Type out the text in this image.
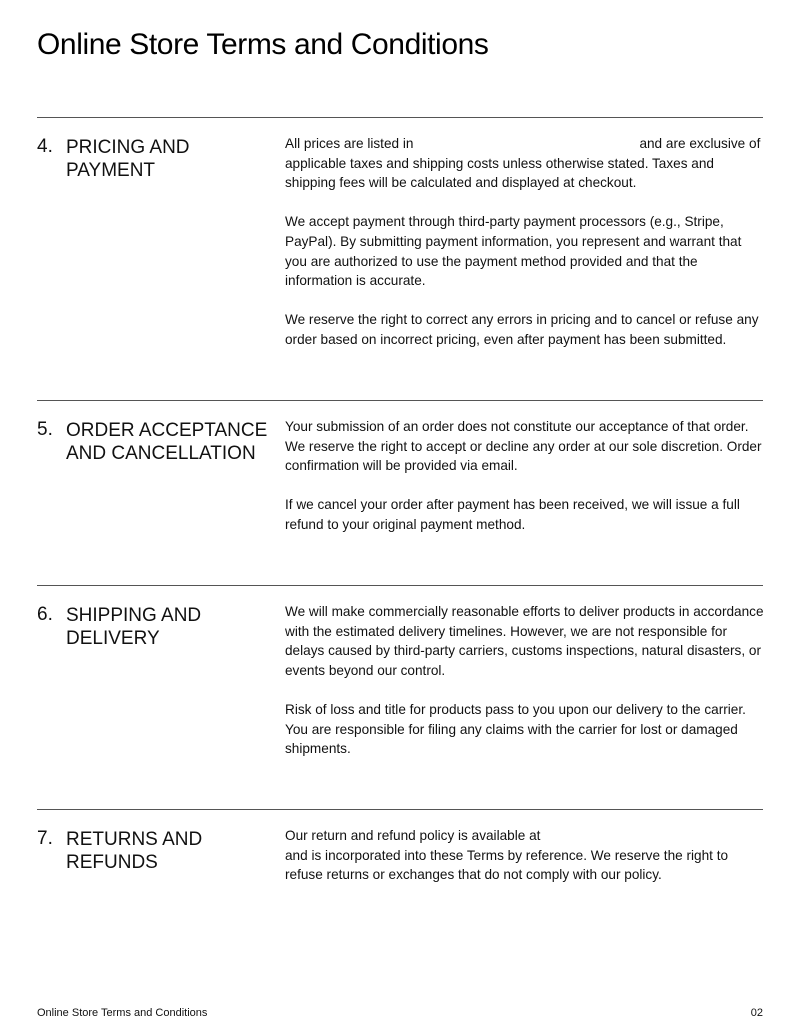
Online Store Terms and Conditions
4. PRICING AND PAYMENT

All prices are listed in	and are exclusive of applicable taxes and shipping costs unless otherwise stated. Taxes and shipping fees will be calculated and displayed at checkout.

We accept payment through third-party payment processors (e.g., Stripe, PayPal). By submitting payment information, you represent and warrant that you are authorized to use the payment method provided and that the information is accurate.

We reserve the right to correct any errors in pricing and to cancel or refuse any order based on incorrect pricing, even after payment has been submitted.

5. ORDER ACCEPTANCE AND CANCELLATION

Your submission of an order does not constitute our acceptance of that order. We reserve the right to accept or decline any order at our sole discretion. Order confirmation will be provided via email.

If we cancel your order after payment has been received, we will issue a full refund to your original payment method.

6. SHIPPING AND DELIVERY

We will make commercially reasonable efforts to deliver products in accordance with the estimated delivery timelines. However, we are not responsible for delays caused by third-party carriers, customs inspections, natural disasters, or events beyond our control.

Risk of loss and title for products pass to you upon our delivery to the carrier. You are responsible for filing any claims with the carrier for lost or damaged shipments.

7. RETURNS AND REFUNDS

Our return and refund policy is available at
and is incorporated into these Terms by reference. We reserve the right to refuse returns or exchanges that do not comply with our policy.

Online Store Terms and Conditions	02
